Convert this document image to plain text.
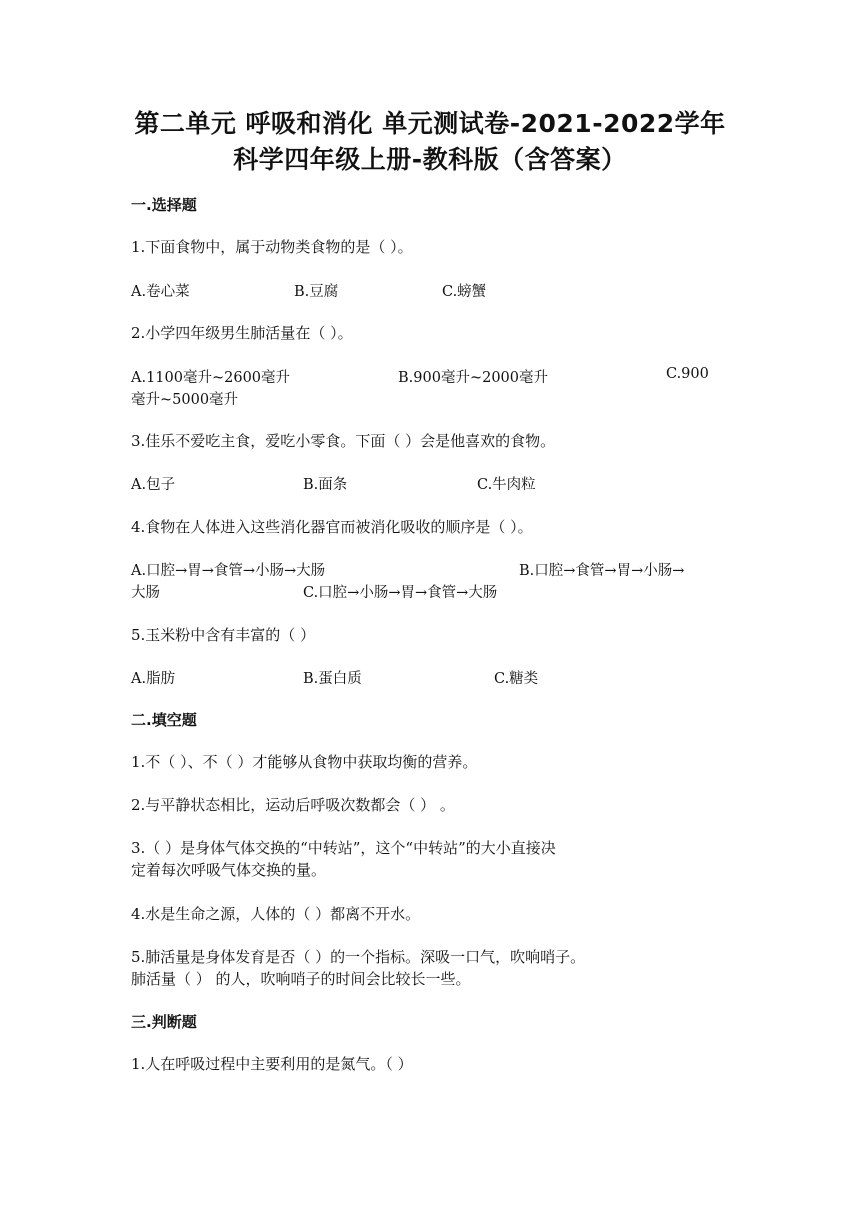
第二单元 呼吸和消化 单元测试卷-2021-2022学年
科学四年级上册-教科版（含答案）
一.选择题
1.下面食物中，属于动物类食物的是（ ）。
A.卷心菜	B.豆腐	C.螃蟹
2.小学四年级男生肺活量在（ ）。
A.1100毫升~2600毫升	B.900毫升~2000毫升	C.900
毫升~5000毫升
3.佳乐不爱吃主食，爱吃小零食。下面（ ）会是他喜欢的食物。
A.包子	B.面条	C.牛肉粒
4.食物在人体进入这些消化器官而被消化吸收的顺序是（ ）。
A.口腔→胃→食管→小肠→大肠	B.口腔→食管→胃→小肠→
大肠	C.口腔→小肠→胃→食管→大肠
5.玉米粉中含有丰富的（ ）
A.脂肪	B.蛋白质	C.糖类
二.填空题
1.不（ ）、不（ ）才能够从食物中获取均衡的营养。
2.与平静状态相比，运动后呼吸次数都会（ ） 。
3.（ ）是身体气体交换的“中转站”，这个“中转站”的大小直接决
定着每次呼吸气体交换的量。
4.水是生命之源，人体的（ ）都离不开水。
5.肺活量是身体发育是否（ ）的一个指标。深吸一口气，吹响哨子。
肺活量（ ） 的人，吹响哨子的时间会比较长一些。
三.判断题
1.人在呼吸过程中主要利用的是氮气。（ ）
